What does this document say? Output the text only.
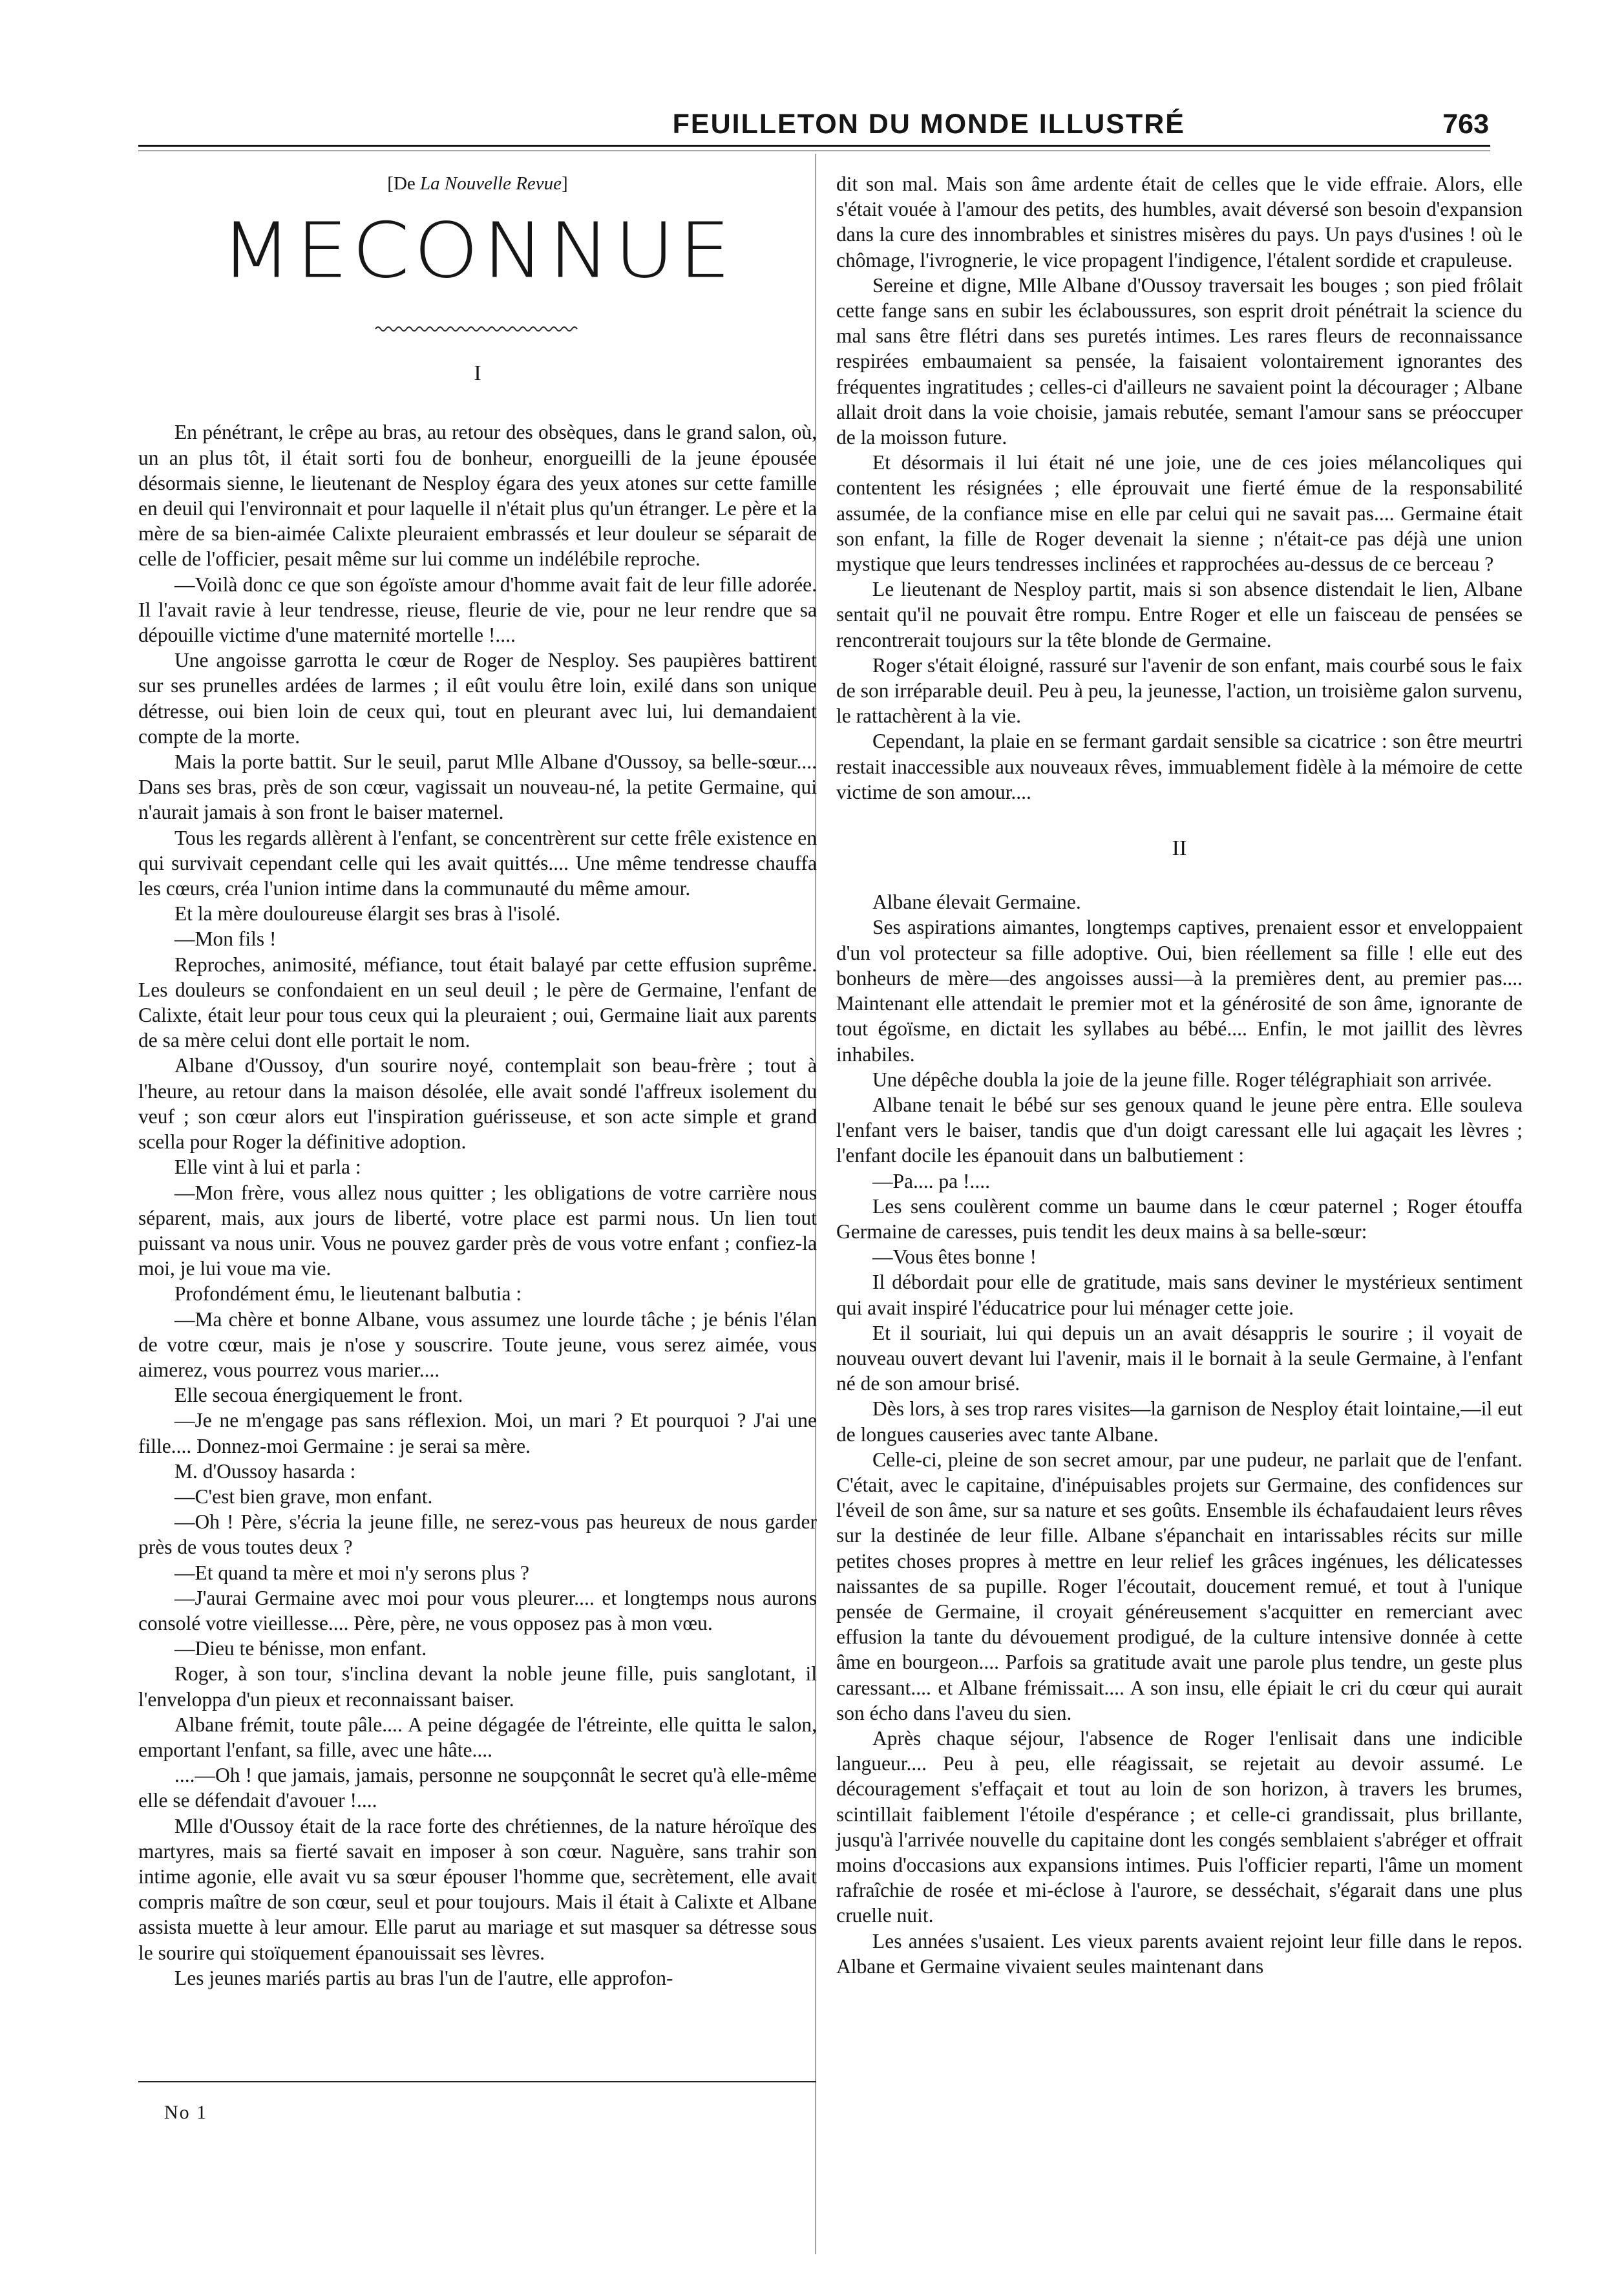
FEUILLETON DU MONDE ILLUSTRÉ	763
[De La Nouvelle Revue]
MECONNUE
I

En pénétrant, le crêpe au bras, au retour des obsèques, dans le grand salon, où, un an plus tôt, il était sorti fou de bonheur, enorgueilli de la jeune épousée désormais sienne, le lieutenant de Nesploy égara des yeux atones sur cette famille en deuil qui l'environnait et pour laquelle il n'était plus qu'un étranger. Le père et la mère de sa bien-aimée Calixte pleuraient embrassés et leur douleur se séparait de celle de l'officier, pesait même sur lui comme un indélébile reproche.

—Voilà donc ce que son égoïste amour d'homme avait fait de leur fille adorée. Il l'avait ravie à leur tendresse, rieuse, fleurie de vie, pour ne leur rendre que sa dépouille victime d'une maternité mortelle !....

Une angoisse garrotta le cœur de Roger de Nesploy. Ses paupières battirent sur ses prunelles ardées de larmes ; il eût voulu être loin, exilé dans son unique détresse, oui bien loin de ceux qui, tout en pleurant avec lui, lui demandaient compte de la morte.

Mais la porte battit. Sur le seuil, parut Mlle Albane d'Oussoy, sa belle-sœur.... Dans ses bras, près de son cœur, vagissait un nouveau-né, la petite Germaine, qui n'aurait jamais à son front le baiser maternel.

Tous les regards allèrent à l'enfant, se concentrèrent sur cette frêle existence en qui survivait cependant celle qui les avait quittés.... Une même tendresse chauffa les cœurs, créa l'union intime dans la communauté du même amour.

Et la mère douloureuse élargit ses bras à l'isolé.

—Mon fils !

Reproches, animosité, méfiance, tout était balayé par cette effusion suprême. Les douleurs se confondaient en un seul deuil ; le père de Germaine, l'enfant de Calixte, était leur pour tous ceux qui la pleuraient ; oui, Germaine liait aux parents de sa mère celui dont elle portait le nom.

Albane d'Oussoy, d'un sourire noyé, contemplait son beau-frère ; tout à l'heure, au retour dans la maison désolée, elle avait sondé l'affreux isolement du veuf ; son cœur alors eut l'inspiration guérisseuse, et son acte simple et grand scella pour Roger la définitive adoption.

Elle vint à lui et parla :

—Mon frère, vous allez nous quitter ; les obligations de votre carrière nous séparent, mais, aux jours de liberté, votre place est parmi nous. Un lien tout puissant va nous unir. Vous ne pouvez garder près de vous votre enfant ; confiez-la moi, je lui voue ma vie.

Profondément ému, le lieutenant balbutia :

—Ma chère et bonne Albane, vous assumez une lourde tâche ; je bénis l'élan de votre cœur, mais je n'ose y souscrire. Toute jeune, vous serez aimée, vous aimerez, vous pourrez vous marier....

Elle secoua énergiquement le front.

—Je ne m'engage pas sans réflexion. Moi, un mari ? Et pourquoi ? J'ai une fille.... Donnez-moi Germaine : je serai sa mère.

M. d'Oussoy hasarda :

—C'est bien grave, mon enfant.

—Oh ! Père, s'écria la jeune fille, ne serez-vous pas heureux de nous garder près de vous toutes deux ?

—Et quand ta mère et moi n'y serons plus ?

—J'aurai Germaine avec moi pour vous pleurer.... et longtemps nous aurons consolé votre vieillesse.... Père, père, ne vous opposez pas à mon vœu.

—Dieu te bénisse, mon enfant.

Roger, à son tour, s'inclina devant la noble jeune fille, puis sanglotant, il l'enveloppa d'un pieux et reconnaissant baiser.

Albane frémit, toute pâle.... A peine dégagée de l'étreinte, elle quitta le salon, emportant l'enfant, sa fille, avec une hâte....

....—Oh ! que jamais, jamais, personne ne soupçonnât le secret qu'à elle-même elle se défendait d'avouer !....

Mlle d'Oussoy était de la race forte des chrétiennes, de la nature héroïque des martyres, mais sa fierté savait en imposer à son cœur. Naguère, sans trahir son intime agonie, elle avait vu sa sœur épouser l'homme que, secrètement, elle avait compris maître de son cœur, seul et pour toujours. Mais il était à Calixte et Albane assista muette à leur amour. Elle parut au mariage et sut masquer sa détresse sous le sourire qui stoïquement épanouissait ses lèvres.

Les jeunes mariés partis au bras l'un de l'autre, elle approfon-

dit son mal. Mais son âme ardente était de celles que le vide effraie. Alors, elle s'était vouée à l'amour des petits, des humbles, avait déversé son besoin d'expansion dans la cure des innombrables et sinistres misères du pays. Un pays d'usines ! où le chômage, l'ivrognerie, le vice propagent l'indigence, l'étalent sordide et crapuleuse.

Sereine et digne, Mlle Albane d'Oussoy traversait les bouges ; son pied frôlait cette fange sans en subir les éclaboussures, son esprit droit pénétrait la science du mal sans être flétri dans ses puretés intimes. Les rares fleurs de reconnaissance respirées embaumaient sa pensée, la faisaient volontairement ignorantes des fréquentes ingratitudes ; celles-ci d'ailleurs ne savaient point la décourager ; Albane allait droit dans la voie choisie, jamais rebutée, semant l'amour sans se préoccuper de la moisson future.

Et désormais il lui était né une joie, une de ces joies mélancoliques qui contentent les résignées ; elle éprouvait une fierté émue de la responsabilité assumée, de la confiance mise en elle par celui qui ne savait pas.... Germaine était son enfant, la fille de Roger devenait la sienne ; n'était-ce pas déjà une union mystique que leurs tendresses inclinées et rapprochées au-dessus de ce berceau ?

Le lieutenant de Nesploy partit, mais si son absence distendait le lien, Albane sentait qu'il ne pouvait être rompu. Entre Roger et elle un faisceau de pensées se rencontrerait toujours sur la tête blonde de Germaine.

Roger s'était éloigné, rassuré sur l'avenir de son enfant, mais courbé sous le faix de son irréparable deuil. Peu à peu, la jeunesse, l'action, un troisième galon survenu, le rattachèrent à la vie.

Cependant, la plaie en se fermant gardait sensible sa cicatrice : son être meurtri restait inaccessible aux nouveaux rêves, immuablement fidèle à la mémoire de cette victime de son amour....

II

Albane élevait Germaine.

Ses aspirations aimantes, longtemps captives, prenaient essor et enveloppaient d'un vol protecteur sa fille adoptive. Oui, bien réellement sa fille ! elle eut des bonheurs de mère—des angoisses aussi—à la premières dent, au premier pas.... Maintenant elle attendait le premier mot et la générosité de son âme, ignorante de tout égoïsme, en dictait les syllabes au bébé.... Enfin, le mot jaillit des lèvres inhabiles.

Une dépêche doubla la joie de la jeune fille. Roger télégraphiait son arrivée.

Albane tenait le bébé sur ses genoux quand le jeune père entra. Elle souleva l'enfant vers le baiser, tandis que d'un doigt caressant elle lui agaçait les lèvres ; l'enfant docile les épanouit dans un balbutiement :

—Pa.... pa !....

Les sens coulèrent comme un baume dans le cœur paternel ; Roger étouffa Germaine de caresses, puis tendit les deux mains à sa belle-sœur:

—Vous êtes bonne !

Il débordait pour elle de gratitude, mais sans deviner le mystérieux sentiment qui avait inspiré l'éducatrice pour lui ménager cette joie.

Et il souriait, lui qui depuis un an avait désappris le sourire ; il voyait de nouveau ouvert devant lui l'avenir, mais il le bornait à la seule Germaine, à l'enfant né de son amour brisé.

Dès lors, à ses trop rares visites—la garnison de Nesploy était lointaine,—il eut de longues causeries avec tante Albane.

Celle-ci, pleine de son secret amour, par une pudeur, ne parlait que de l'enfant. C'était, avec le capitaine, d'inépuisables projets sur Germaine, des confidences sur l'éveil de son âme, sur sa nature et ses goûts. Ensemble ils échafaudaient leurs rêves sur la destinée de leur fille. Albane s'épanchait en intarissables récits sur mille petites choses propres à mettre en leur relief les grâces ingénues, les délicatesses naissantes de sa pupille. Roger l'écoutait, doucement remué, et tout à l'unique pensée de Germaine, il croyait généreusement s'acquitter en remerciant avec effusion la tante du dévouement prodigué, de la culture intensive donnée à cette âme en bourgeon.... Parfois sa gratitude avait une parole plus tendre, un geste plus caressant.... et Albane frémissait.... A son insu, elle épiait le cri du cœur qui aurait son écho dans l'aveu du sien.

Après chaque séjour, l'absence de Roger l'enlisait dans une indicible langueur.... Peu à peu, elle réagissait, se rejetait au devoir assumé. Le découragement s'effaçait et tout au loin de son horizon, à travers les brumes, scintillait faiblement l'étoile d'espérance ; et celle-ci grandissait, plus brillante, jusqu'à l'arrivée nouvelle du capitaine dont les congés semblaient s'abréger et offrait moins d'occasions aux expansions intimes. Puis l'officier reparti, l'âme un moment rafraîchie de rosée et mi-éclose à l'aurore, se desséchait, s'égarait dans une plus cruelle nuit.

Les années s'usaient. Les vieux parents avaient rejoint leur fille dans le repos. Albane et Germaine vivaient seules maintenant dans

No 1
